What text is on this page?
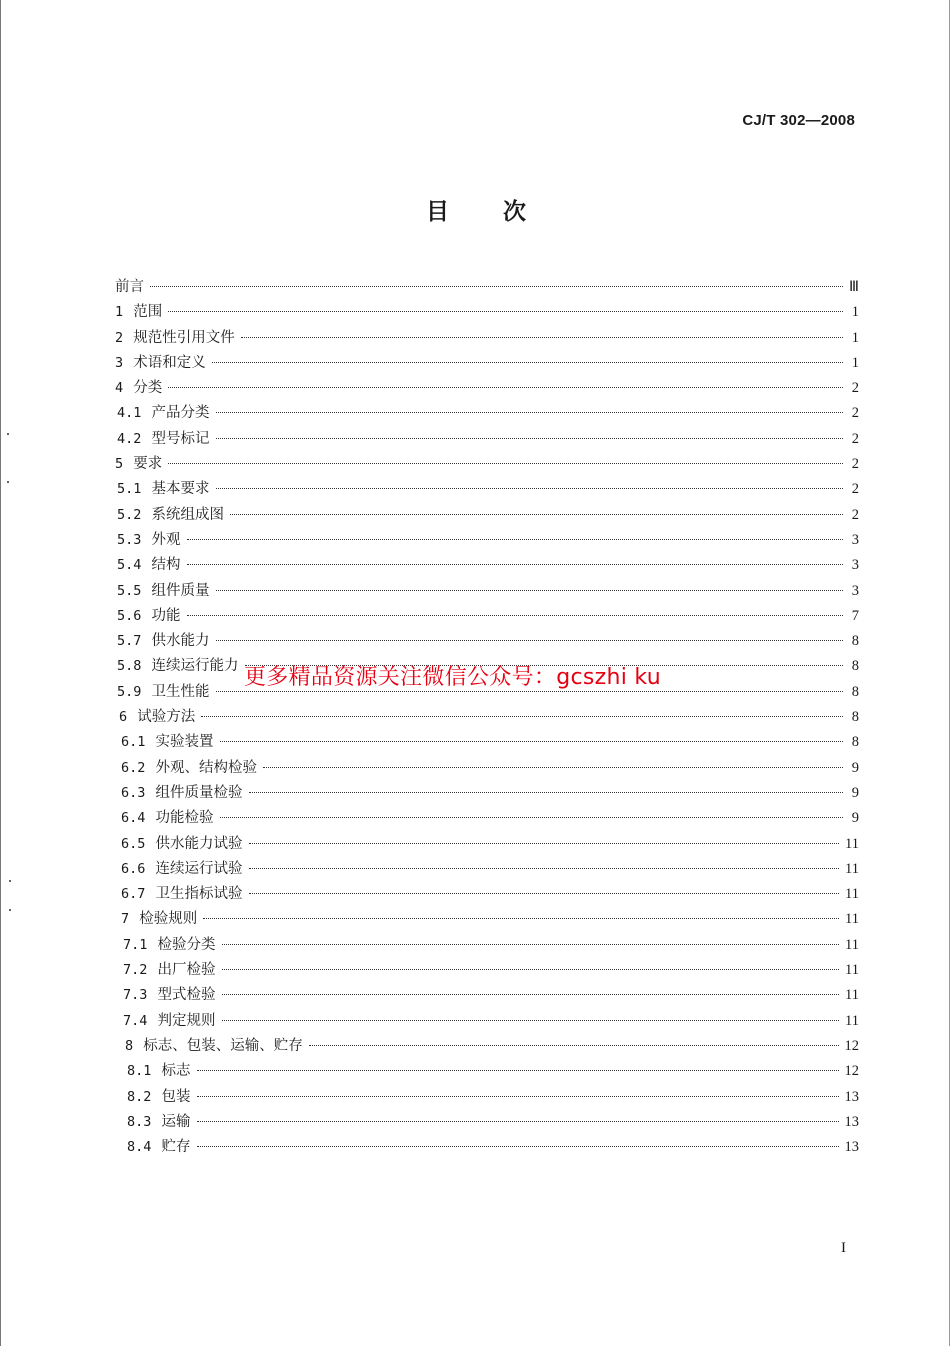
CJ/T 302—2008
目次
前言	Ⅲ
1 范围	1
2 规范性引用文件	1
3 术语和定义	1
4 分类	2
4.1 产品分类	2
4.2 型号标记	2
5 要求	2
5.1 基本要求	2
5.2 系统组成图	2
5.3 外观	3
5.4 结构	3
5.5 组件质量	3
5.6 功能	7
5.7 供水能力	8
5.8 连续运行能力	8
5.9 卫生性能	8
6 试验方法	8
6.1 实验装置	8
6.2 外观、结构检验	9
6.3 组件质量检验	9
6.4 功能检验	9
6.5 供水能力试验	11
6.6 连续运行试验	11
6.7 卫生指标试验	11
7 检验规则	11
7.1 检验分类	11
7.2 出厂检验	11
7.3 型式检验	11
7.4 判定规则	11
8 标志、包装、运输、贮存	12
8.1 标志	12
8.2 包装	13
8.3 运输	13
8.4 贮存	13
更多精品资源关注微信公众号：gcszhi ku
I
